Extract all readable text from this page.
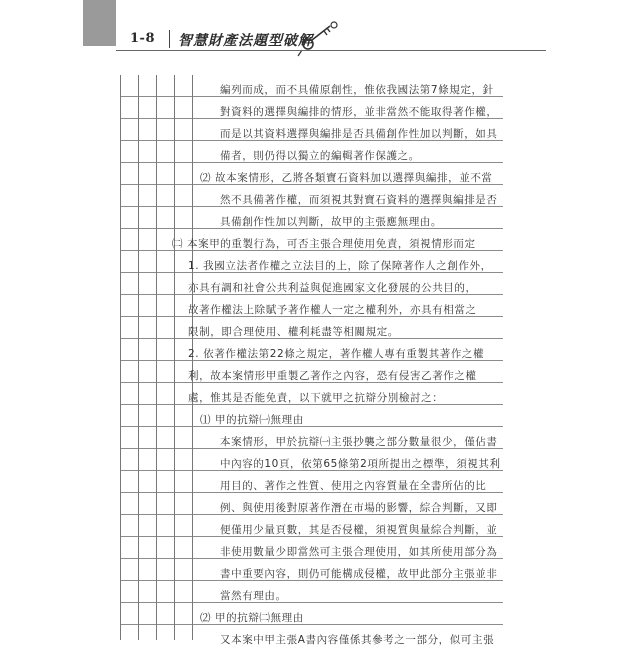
1-8 智慧財產法題型破解
編列而成，而不具備原創性，惟依我國法第7條規定，針
對資料的選擇與編排的情形，並非當然不能取得著作權，
而是以其資料選擇與編排是否具備創作性加以判斷，如具
備者，則仍得以獨立的編輯著作保護之。
⑵ 故本案情形，乙將各類寶石資料加以選擇與編排，並不當
然不具備著作權，而須視其對寶石資料的選擇與編排是否
具備創作性加以判斷，故甲的主張應無理由。
㈡ 本案甲的重製行為，可否主張合理使用免責，須視情形而定
1. 我國立法者作權之立法目的上，除了保障著作人之創作外，
亦具有調和社會公共利益與促進國家文化發展的公共目的，
故著作權法上除賦予著作權人一定之權利外，亦具有相當之
限制，即合理使用、權利耗盡等相關規定。
2. 依著作權法第22條之規定，著作權人專有重製其著作之權
利，故本案情形甲重製乙著作之內容，恐有侵害乙著作之權
處，惟其是否能免責，以下就甲之抗辯分別檢討之：
⑴ 甲的抗辯㈠無理由
本案情形，甲於抗辯㈠主張抄襲之部分數量很少，僅佔書
中內容的10頁，依第65條第2項所提出之標準，須視其利
用目的、著作之性質、使用之內容質量在全書所佔的比
例、與使用後對原著作潛在市場的影響，綜合判斷，又即
便僅用少量頁數，其是否侵權，須視質與量綜合判斷，並
非使用數量少即當然可主張合理使用，如其所使用部分為
書中重要內容，則仍可能構成侵權，故甲此部分主張並非
當然有理由。
⑵ 甲的抗辯㈡無理由
又本案中甲主張A書內容僅係其參考之一部分，似可主張
